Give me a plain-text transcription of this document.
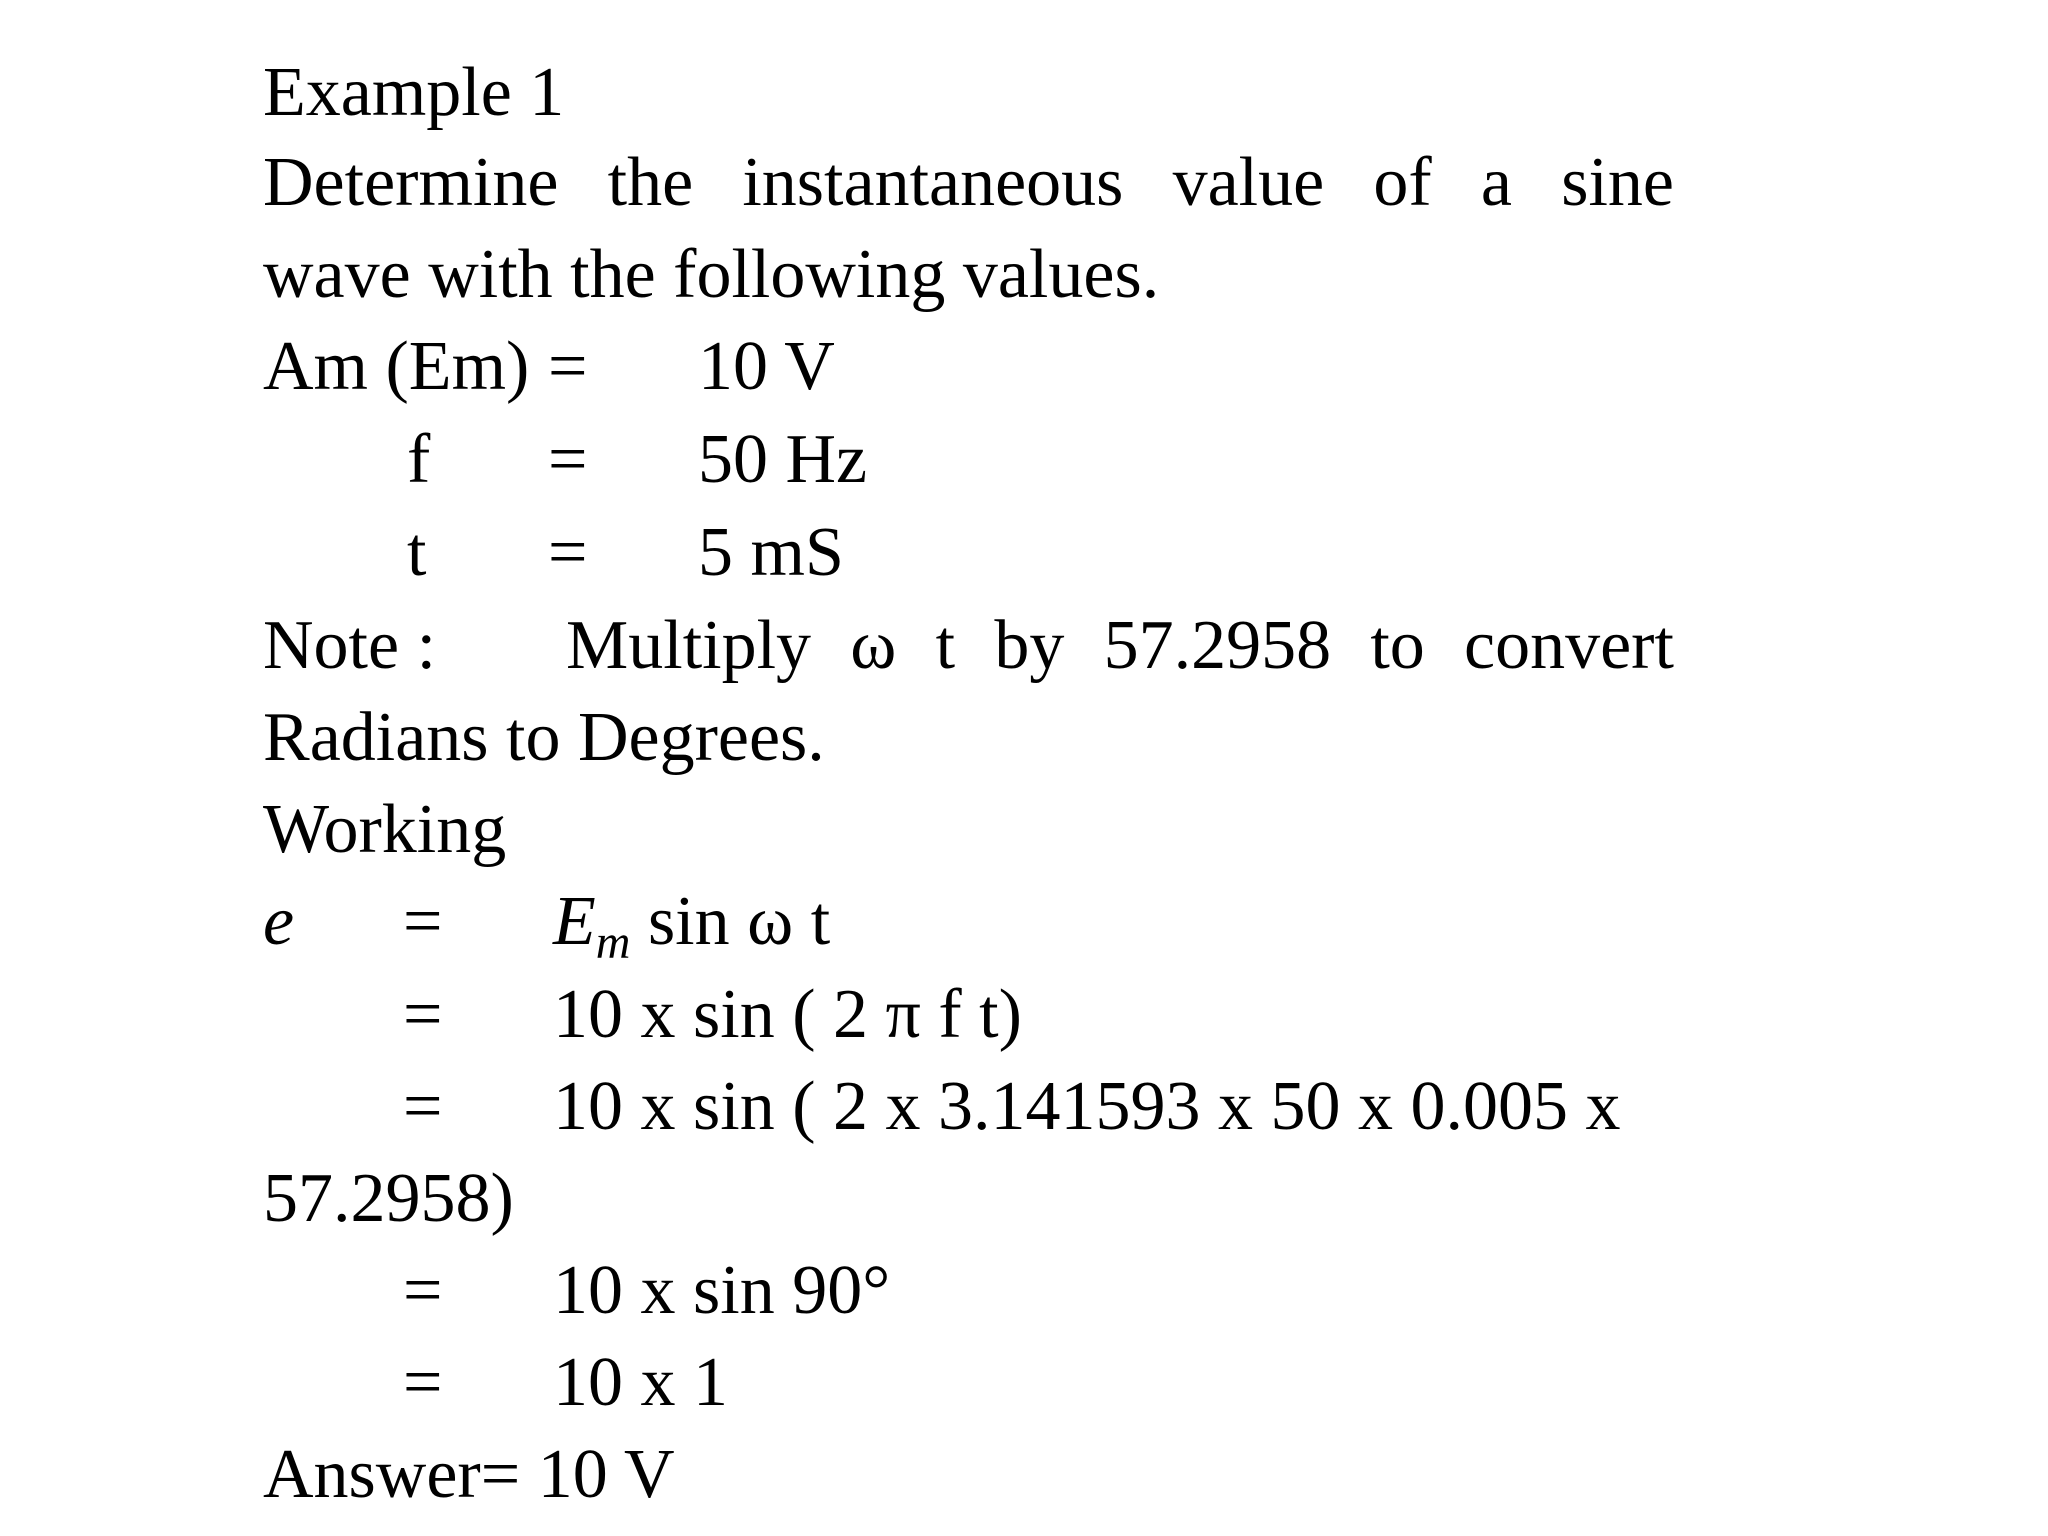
Example 1
Determine the instantaneous value of a sine
wave with the following values.
Am (Em) = 10 V
f = 50 Hz
t = 5 mS
Note : Multiply ω t by 57.2958 to convert
Radians to Degrees.
Working
$e = E_m$ sin ω t
= 10 x sin ( 2 π f t)
= 10 x sin ( 2 x 3.141593 x 50 x 0.005 x
57.2958)
= 10 x sin 90°
= 10 x 1
Answer= 10 V
